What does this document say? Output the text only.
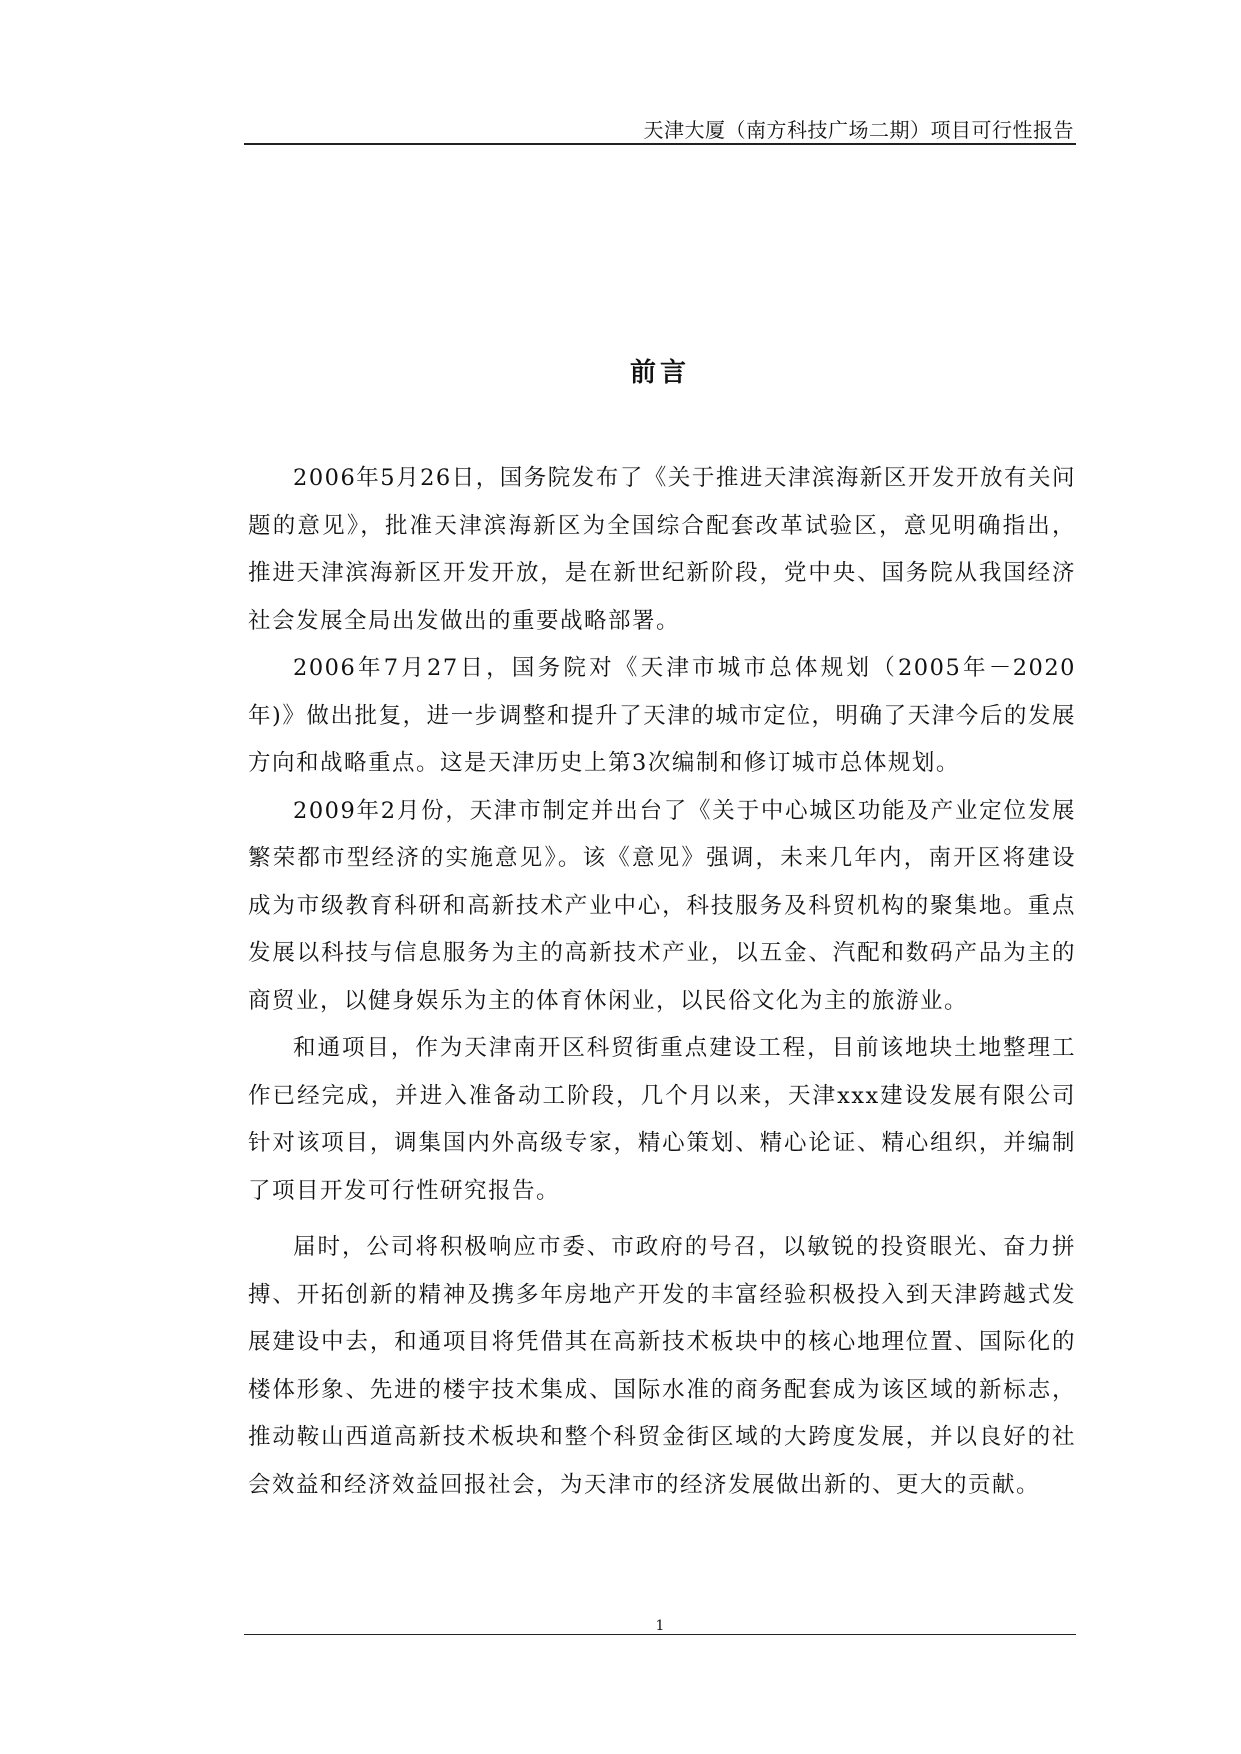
天津大厦（南方科技广场二期）项目可行性报告
前言

2006年5月26日，国务院发布了《关于推进天津滨海新区开发开放有关问题的意见》，批准天津滨海新区为全国综合配套改革试验区，意见明确指出，推进天津滨海新区开发开放，是在新世纪新阶段，党中央、国务院从我国经济社会发展全局出发做出的重要战略部署。

2006年7月27日，国务院对《天津市城市总体规划（2005年－2020年)》做出批复，进一步调整和提升了天津的城市定位，明确了天津今后的发展方向和战略重点。这是天津历史上第3次编制和修订城市总体规划。

2009年2月份，天津市制定并出台了《关于中心城区功能及产业定位发展繁荣都市型经济的实施意见》。该《意见》强调，未来几年内，南开区将建设成为市级教育科研和高新技术产业中心，科技服务及科贸机构的聚集地。重点发展以科技与信息服务为主的高新技术产业，以五金、汽配和数码产品为主的商贸业，以健身娱乐为主的体育休闲业，以民俗文化为主的旅游业。

和通项目，作为天津南开区科贸街重点建设工程，目前该地块土地整理工作已经完成，并进入准备动工阶段，几个月以来，天津xxx建设发展有限公司针对该项目，调集国内外高级专家，精心策划、精心论证、精心组织，并编制了项目开发可行性研究报告。

届时，公司将积极响应市委、市政府的号召，以敏锐的投资眼光、奋力拼搏、开拓创新的精神及携多年房地产开发的丰富经验积极投入到天津跨越式发展建设中去，和通项目将凭借其在高新技术板块中的核心地理位置、国际化的楼体形象、先进的楼宇技术集成、国际水准的商务配套成为该区域的新标志，推动鞍山西道高新技术板块和整个科贸金街区域的大跨度发展，并以良好的社会效益和经济效益回报社会，为天津市的经济发展做出新的、更大的贡献。

1
